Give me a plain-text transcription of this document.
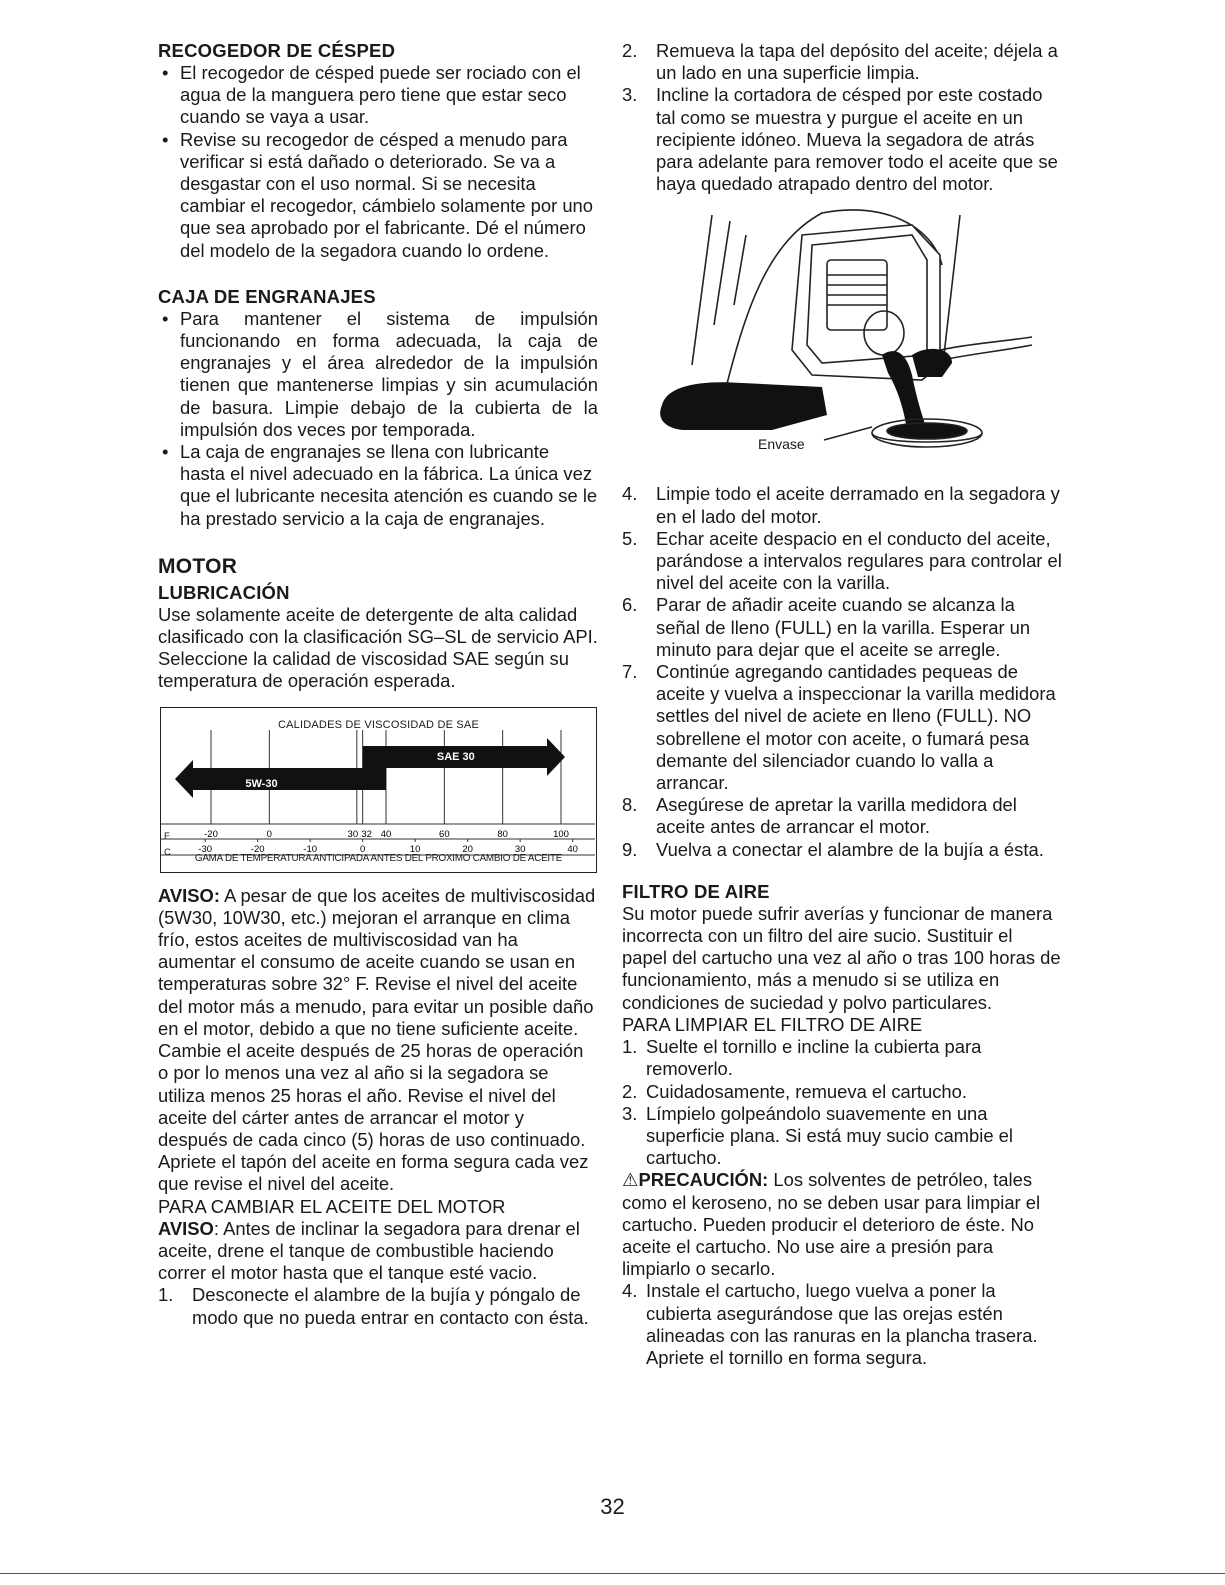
RECOGEDOR DE CÉSPED
• El recogedor de césped puede ser rociado con el agua de la manguera pero tiene que estar seco cuando se vaya a usar.
• Revise su recogedor de césped a menudo para verificar si está dañado o deteriorado. Se va a desgastar con el uso normal. Si se necesita cambiar el recogedor, cámbielo solamente por uno que sea aprobado por el fabricante. Dé el número del modelo de la segadora cuando lo ordene.
CAJA DE ENGRANAJES
• Para mantener el sistema de impulsión funcionando en forma adecuada, la caja de engranajes y el área alrededor de la impulsión tienen que mantenerse limpias y sin acumulación de basura. Limpie debajo de la cubierta de la impulsión dos veces por temporada.
• La caja de engranajes se llena con lubricante hasta el nivel adecuado en la fábrica. La única vez que el lubricante necesita atención es cuando se le ha prestado servicio a la caja de engranajes.
MOTOR
LUBRICACIÓN

Use solamente aceite de detergente de alta calidad clasificado con la clasificación SG–SL de servicio API. Seleccione la calidad de viscosidad SAE según su temperatura de operación esperada.

CALIDADES DE VISCOSIDAD DE SAE
-20	0	30 32 40	60	80	100
-30	-20	-10	0	10	20	30	40
SAE 30
5W-30
F
C
GAMA DE TEMPERATURA ANTICIPADA ANTES DEL PROXIMO CAMBIO DE ACEITE

AVISO: A pesar de que los aceites de multiviscosidad (5W30, 10W30, etc.) mejoran el arranque en clima frío, estos aceites de multiviscosidad van ha aumentar el consumo de aceite cuando se usan en temperaturas sobre 32° F. Revise el nivel del aceite del motor más a menudo, para evitar un posible daño en el motor, debido a que no tiene suficiente aceite. Cambie el aceite después de 25 horas de operación o por lo menos una vez al año si la segadora se utiliza menos 25 horas el año. Revise el nivel del aceite del cárter antes de arrancar el motor y después de cada cinco (5) horas de uso continuado. Apriete el tapón del aceite en forma segura cada vez que revise el nivel del aceite.

PARA CAMBIAR EL ACEITE DEL MOTOR

AVISO: Antes de inclinar la segadora para drenar el aceite, drene el tanque de combustible haciendo correr el motor hasta que el tanque esté vacio.

1.	Desconecte el alambre de la bujía y póngalo de modo que no pueda entrar en contacto con ésta.
2.	Remueva la tapa del depósito del aceite; déjela a un lado en una superficie limpia.
3.	Incline la cortadora de césped por este costado tal como se muestra y purgue el aceite en un recipiente idóneo. Mueva la segadora de atrás para adelante para remover todo el aceite que se haya quedado atrapado dentro del motor.
Envase
4.	Limpie todo el aceite derramado en la segadora y en el lado del motor.
5.	Echar aceite despacio en el conducto del aceite, parándose a intervalos regulares para controlar el nivel del aceite con la varilla.
6.	Parar de añadir aceite cuando se alcanza la señal de lleno (FULL) en la varilla. Esperar un minuto para dejar que el aceite se arregle.
7.	Continúe agregando cantidades pequeas de aceite y vuelva a inspeccionar la varilla medidora settles del nivel de aciete en lleno (FULL). NO sobrellene el motor con aceite, o fumará pesa demante del silenciador cuando lo valla a arrancar.
8.	Asegúrese de apretar la varilla medidora del aceite antes de arrancar el motor.
9.	Vuelva a conectar el alambre de la bujía a ésta.
FILTRO DE AIRE

Su motor puede sufrir averías y funcionar de manera incorrecta con un filtro del aire sucio. Sustituir el papel del cartucho una vez al año o tras 100 horas de funcionamiento, más a menudo si se utiliza en condiciones de suciedad y polvo particulares.

PARA LIMPIAR EL FILTRO DE AIRE

1. Suelte el tornillo e incline la cubierta para removerlo.
2. Cuidadosamente, remueva el cartucho.
3. Límpielo golpeándolo suavemente en una superficie plana. Si está muy sucio cambie el cartucho.

⚠PRECAUCIÓN: Los solventes de petróleo, tales como el keroseno, no se deben usar para limpiar el cartucho. Pueden producir el deterioro de éste. No aceite el cartucho. No use aire a presión para limpiarlo o secarlo.

4. Instale el cartucho, luego vuelva a poner la cubierta asegurándose que las orejas estén alineadas con las ranuras en la plancha trasera. Apriete el tornillo en forma segura.
32
